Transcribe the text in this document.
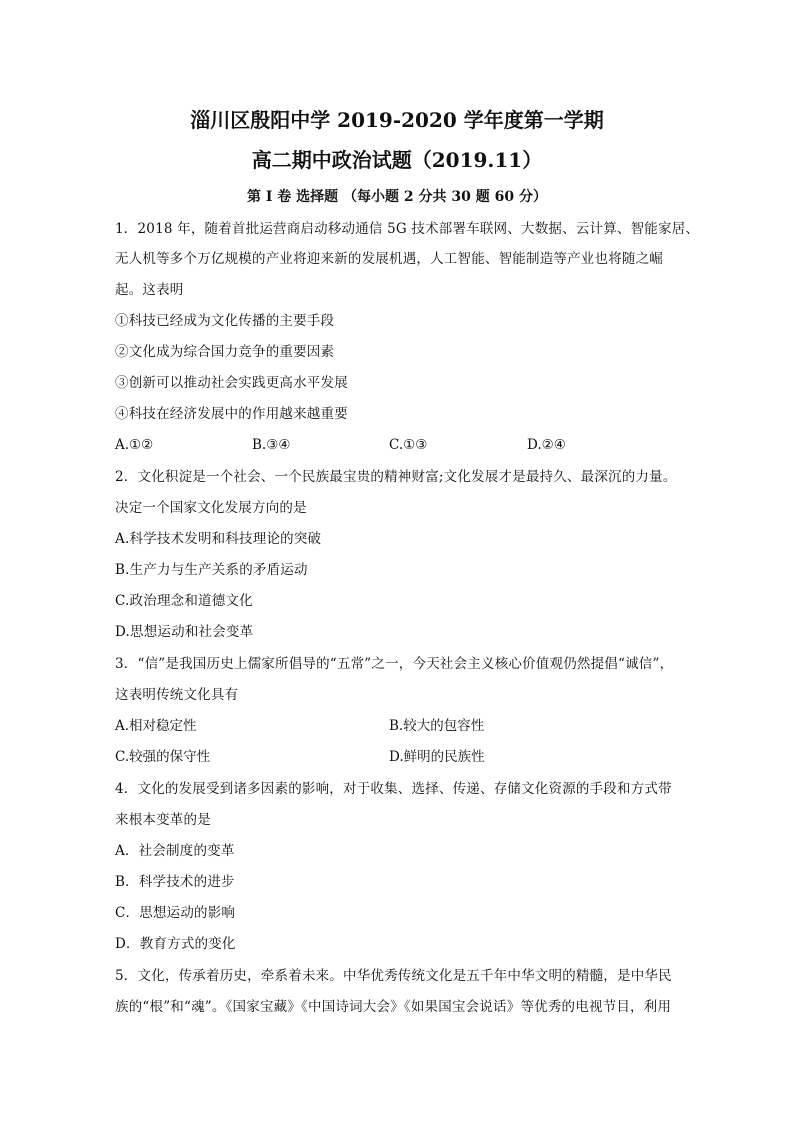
淄川区殷阳中学 2019-2020 学年度第一学期
高二期中政治试题（2019.11）
第 I 卷 选择题 （每小题 2 分共 30 题 60 分）
1．2018 年，随着首批运营商启动移动通信 5G 技术部署车联网、大数据、云计算、智能家居、
无人机等多个万亿规模的产业将迎来新的发展机遇，人工智能、智能制造等产业也将随之崛
起。这表明
①科技已经成为文化传播的主要手段
②文化成为综合国力竞争的重要因素
③创新可以推动社会实践更高水平发展
④科技在经济发展中的作用越来越重要
A.①②	B.③④	C.①③	D.②④
2．文化积淀是一个社会、一个民族最宝贵的精神财富;文化发展才是最持久、最深沉的力量。
决定一个国家文化发展方向的是
A.科学技术发明和科技理论的突破
B.生产力与生产关系的矛盾运动
C.政治理念和道德文化
D.思想运动和社会变革
3．“信”是我国历史上儒家所倡导的“五常”之一，今天社会主义核心价值观仍然提倡“诚信”，
这表明传统文化具有
A.相对稳定性	B.较大的包容性
C.较强的保守性	D.鲜明的民族性
4．文化的发展受到诸多因素的影响，对于收集、选择、传递、存储文化资源的手段和方式带
来根本变革的是
A．社会制度的变革
B．科学技术的进步
C．思想运动的影响
D．教育方式的变化
5．文化，传承着历史，牵系着未来。中华优秀传统文化是五千年中华文明的精髓，是中华民
族的“根”和“魂”。《国家宝藏》《中国诗词大会》《如果国宝会说话》等优秀的电视节目，利用
